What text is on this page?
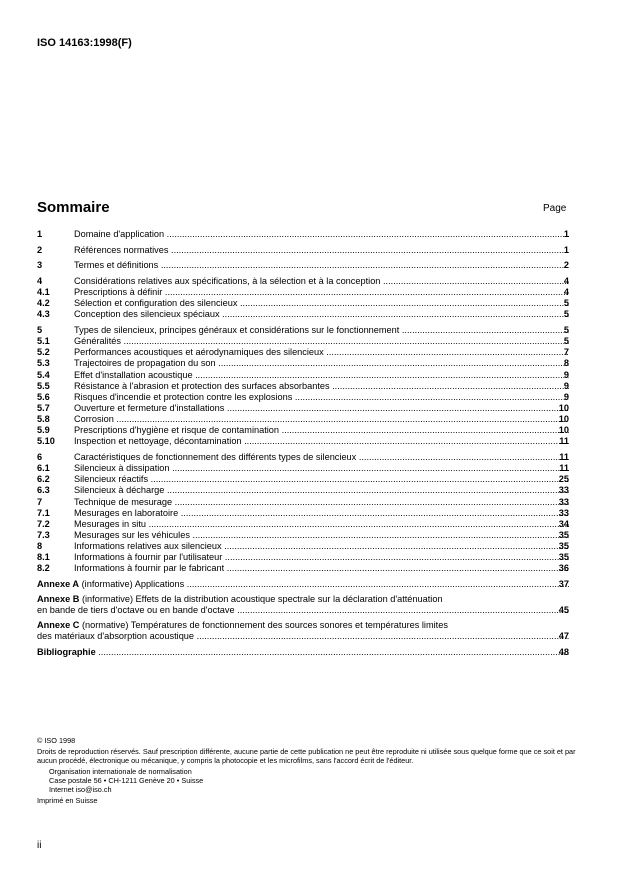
ISO 14163:1998(F)
Sommaire	Page
1	Domaine d'application .....	1
2	Références normatives .....	1
3	Termes et définitions .....	2
4	Considérations relatives aux spécifications, à la sélection et à la conception .....	4
4.1	Prescriptions à définir .....	4
4.2	Sélection et configuration des silencieux .....	5
4.3	Conception des silencieux spéciaux .....	5
5	Types de silencieux, principes généraux et considérations sur le fonctionnement .....	5
5.1	Généralités .....	5
5.2	Performances acoustiques et aérodynamiques des silencieux .....	7
5.3	Trajectoires de propagation du son .....	8
5.4	Effet d'installation acoustique .....	9
5.5	Résistance à l'abrasion et protection des surfaces absorbantes .....	9
5.6	Risques d'incendie et protection contre les explosions .....	9
5.7	Ouverture et fermeture d'installations .....	10
5.8	Corrosion .....	10
5.9	Prescriptions d'hygiène et risque de contamination .....	10
5.10	Inspection et nettoyage, décontamination .....	11
6	Caractéristiques de fonctionnement des différents types de silencieux .....	11
6.1	Silencieux à dissipation .....	11
6.2	Silencieux réactifs .....	25
6.3	Silencieux à décharge .....	33
7	Technique de mesurage .....	33
7.1	Mesurages en laboratoire .....	33
7.2	Mesurages in situ .....	34
7.3	Mesurages sur les véhicules .....	35
8	Informations relatives aux silencieux .....	35
8.1	Informations à fournir par l'utilisateur .....	35
8.2	Informations à fournir par le fabricant .....	36
Annexe A (informative) Applications .....	37
Annexe B (informative) Effets de la distribution acoustique spectrale sur la déclaration d'atténuation
en bande de tiers d'octave ou en bande d'octave .....	45
Annexe C (normative) Températures de fonctionnement des sources sonores et températures limites
des matériaux d'absorption acoustique .....	47
Bibliographie .....	48

© ISO 1998

Droits de reproduction réservés. Sauf prescription différente, aucune partie de cette publication ne peut être reproduite ni utilisée sous quelque forme que ce soit et par aucun procédé, électronique ou mécanique, y compris la photocopie et les microfilms, sans l'accord écrit de l'éditeur.

Organisation internationale de normalisation

Case postale 56 • CH-1211 Genève 20 • Suisse

Internet iso@iso.ch

Imprimé en Suisse

ii
